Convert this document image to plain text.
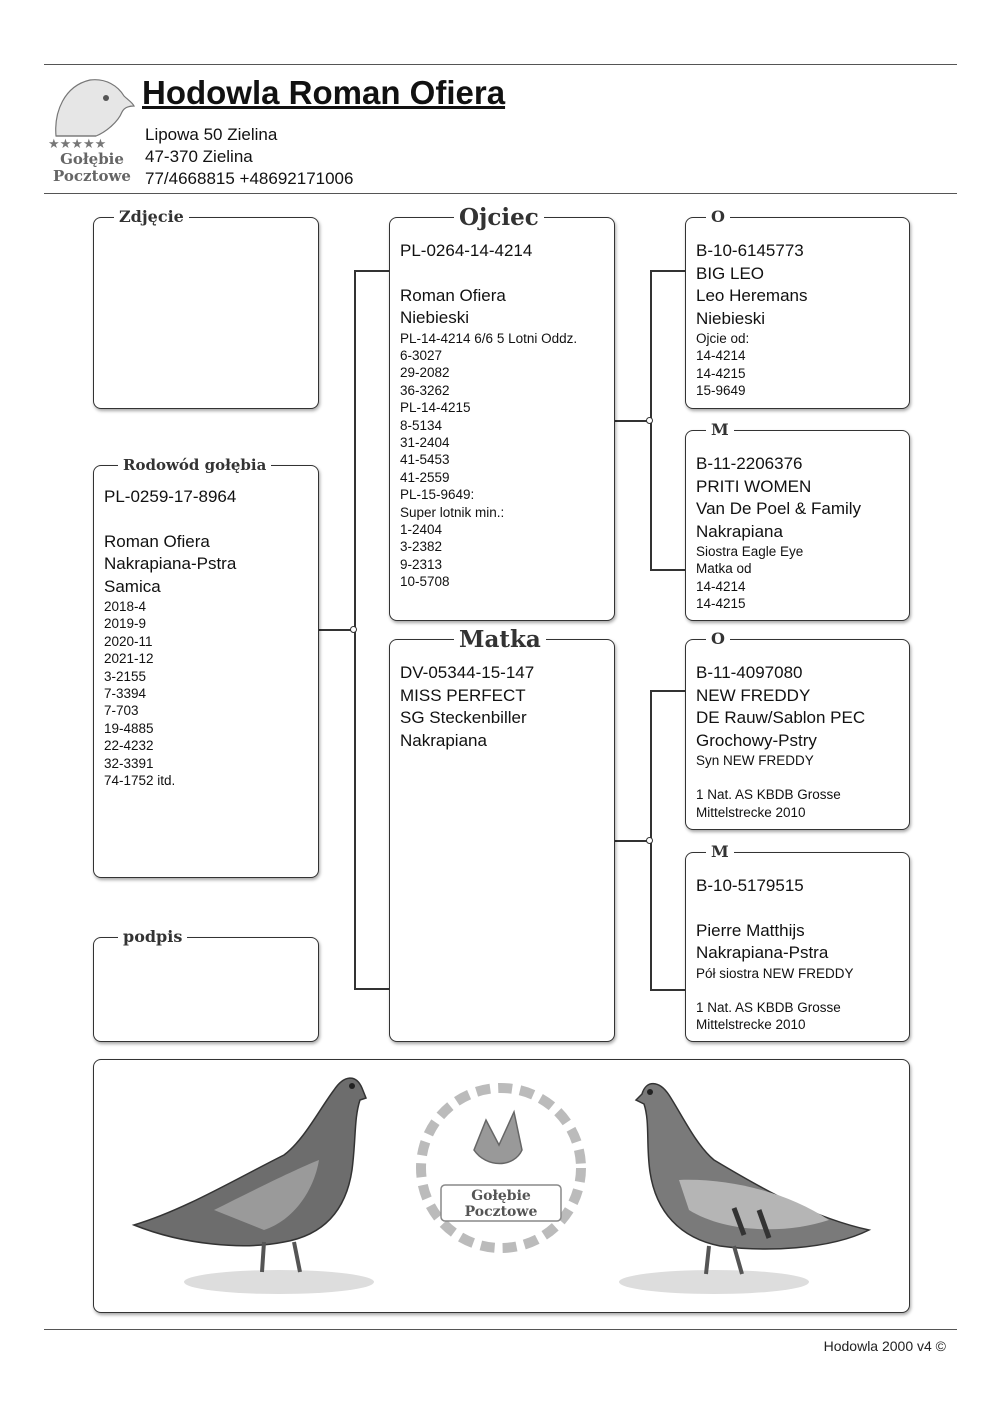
★★★★★
Gołębie
Pocztowe
Hodowla Roman Ofiera
Lipowa 50 Zielina
47-370 Zielina
77/4668815 +48692171006
Zdjęcie
Rodowód gołębia
PL-0259-17-8964
Roman Ofiera
Nakrapiana-Pstra
Samica
2018-4
2019-9
2020-11
2021-12
3-2155
7-3394
7-703
19-4885
22-4232
32-3391
74-1752 itd.
podpis
Ojciec
PL-0264-14-4214
Roman Ofiera
Niebieski
PL-14-4214 6/6 5 Lotni Oddz.
6-3027
29-2082
36-3262
PL-14-4215
8-5134
31-2404
41-5453
41-2559
PL-15-9649:
Super lotnik min.:
1-2404
3-2382
9-2313
10-5708
Matka
DV-05344-15-147
MISS PERFECT
SG Steckenbiller
Nakrapiana
O
B-10-6145773
BIG LEO
Leo Heremans
Niebieski
Ojcie od:
14-4214
14-4215
15-9649
M
B-11-2206376
PRITI WOMEN
Van De Poel & Family
Nakrapiana
Siostra Eagle Eye
Matka od
14-4214
14-4215
O
B-11-4097080
NEW FREDDY
DE Rauw/Sablon PEC
Grochowy-Pstry
Syn NEW FREDDY
1 Nat. AS KBDB Grosse
Mittelstrecke 2010
M
B-10-5179515
Pierre Matthijs
Nakrapiana-Pstra
Pół siostra NEW FREDDY
1 Nat. AS KBDB Grosse
Mittelstrecke 2010
Gołębie
Pocztowe
Hodowla 2000 v4 ©
